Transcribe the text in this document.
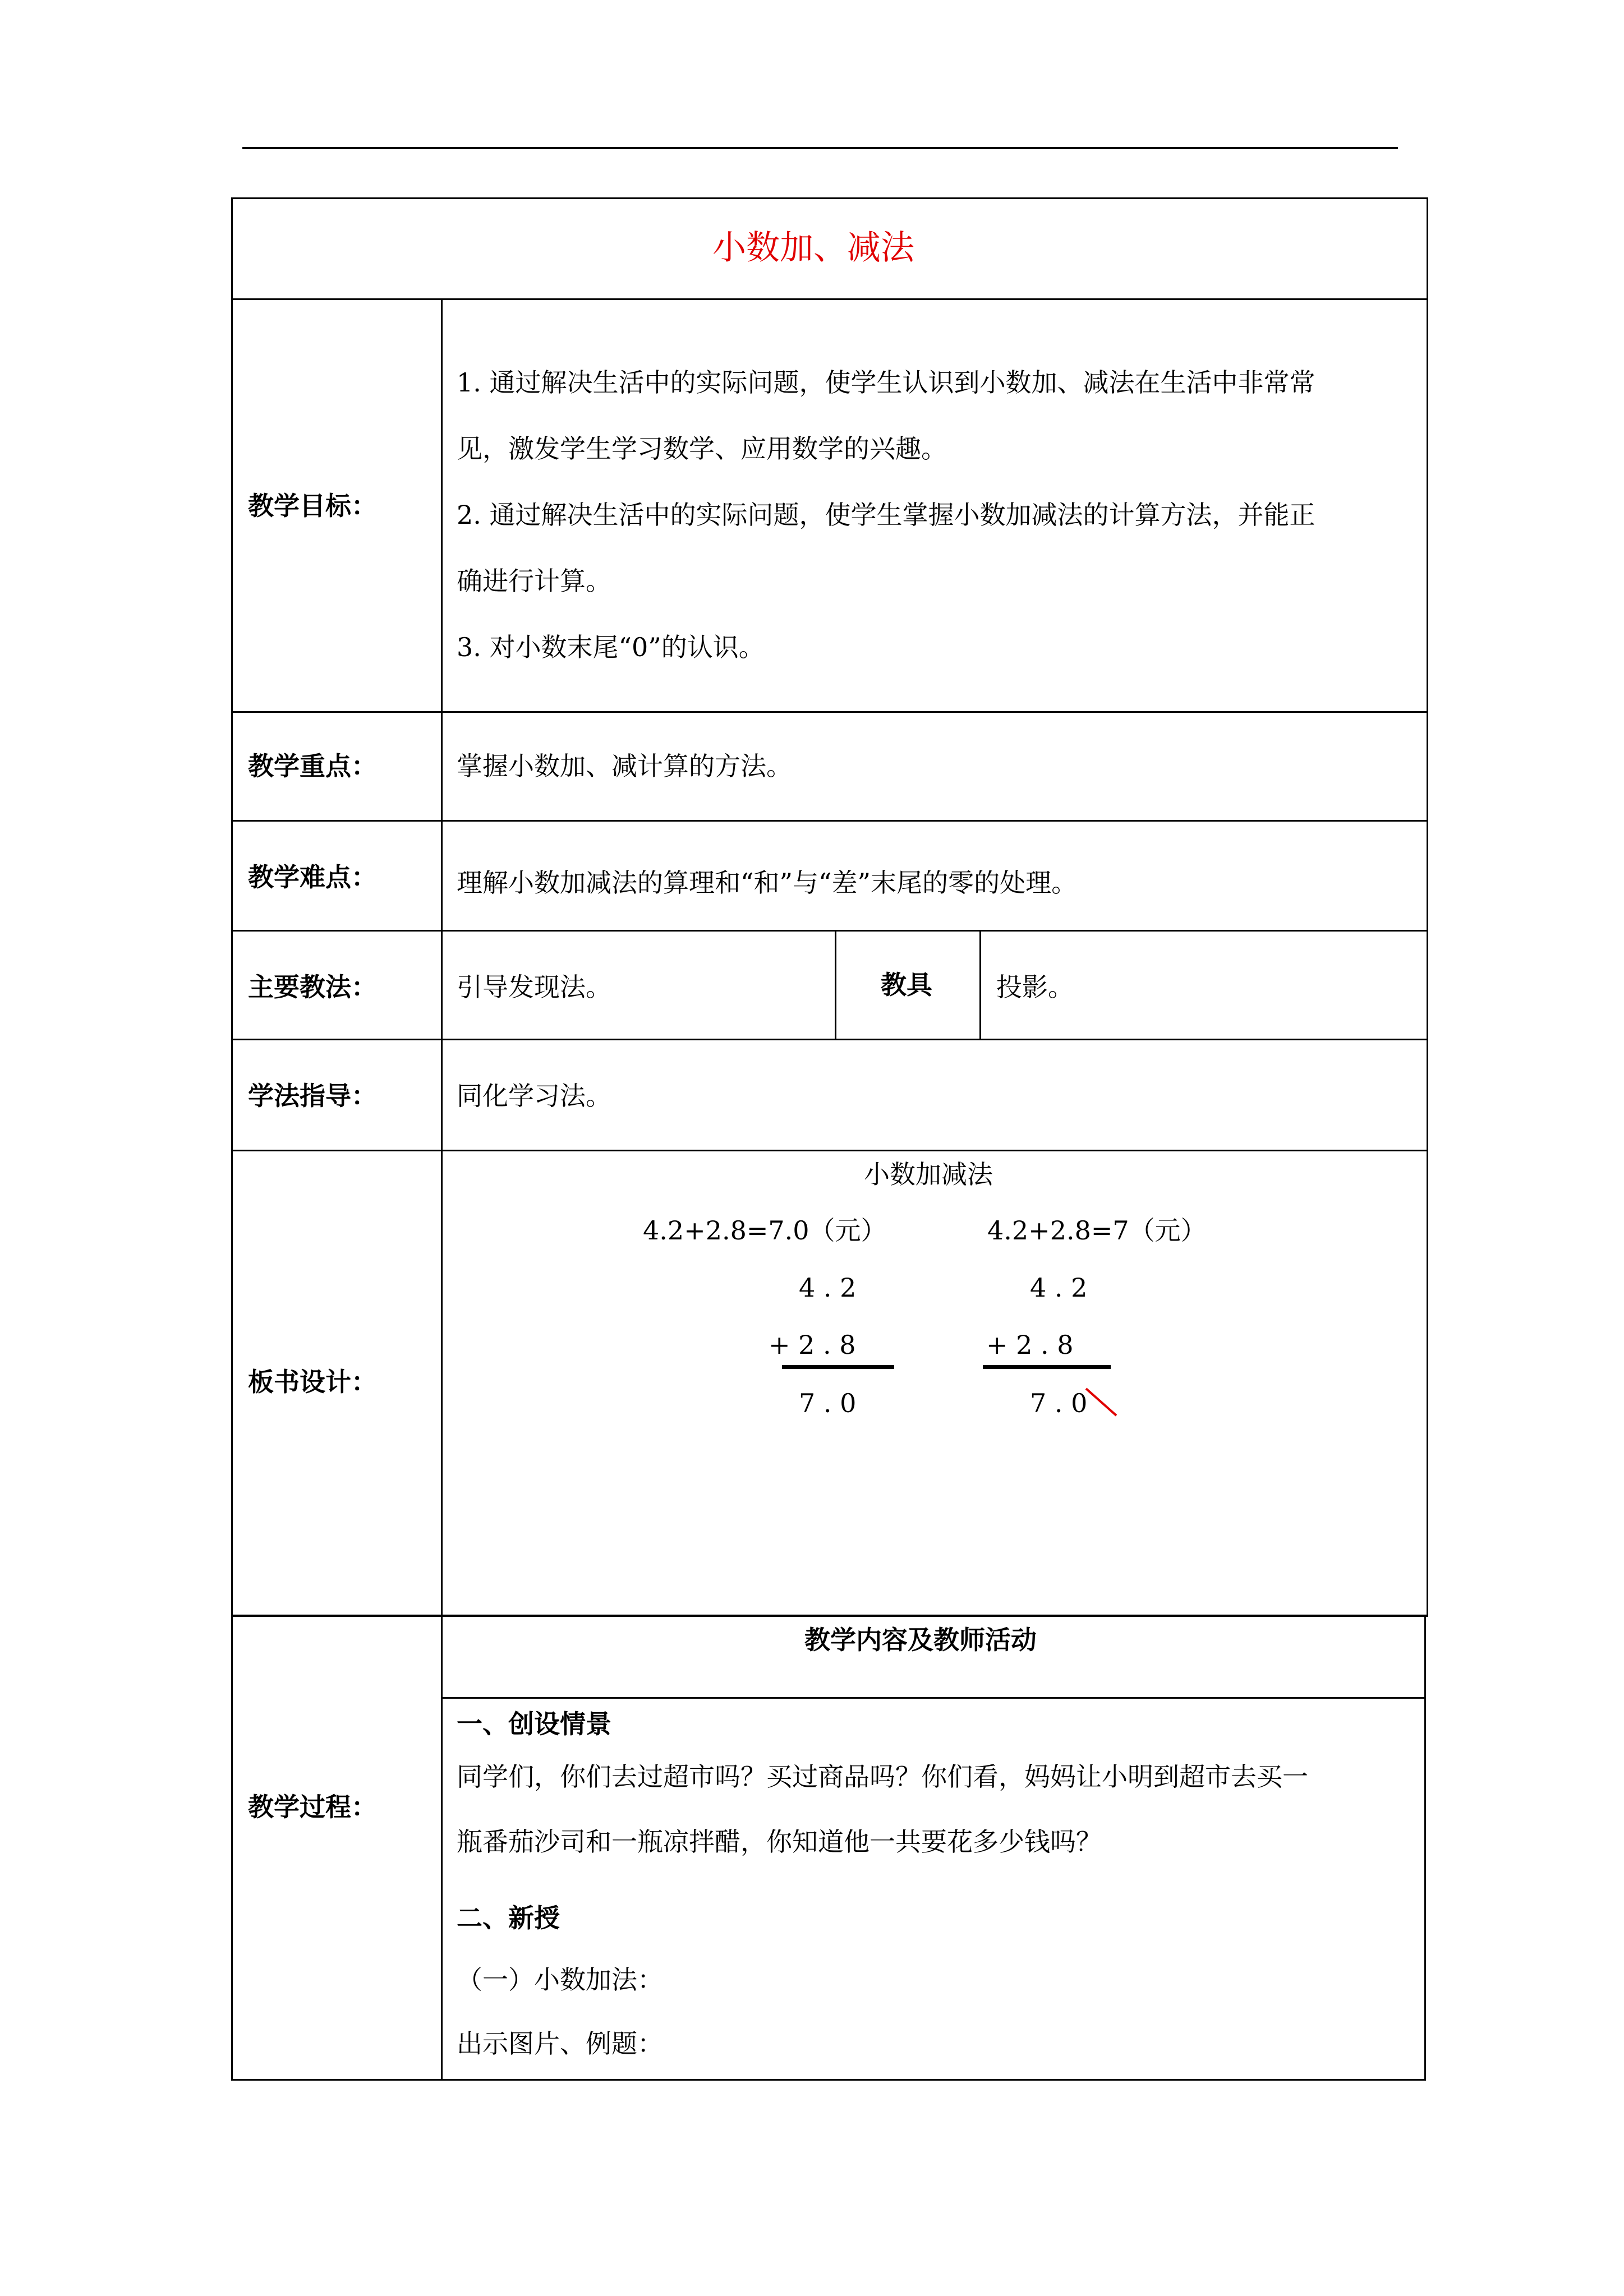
小数加、减法
教学目标：
1. 通过解决生活中的实际问题，使学生认识到小数加、减法在生活中非常常
见，激发学生学习数学、应用数学的兴趣。
2. 通过解决生活中的实际问题，使学生掌握小数加减法的计算方法，并能正
确进行计算。
3. 对小数末尾“0”的认识。
教学重点：	掌握小数加、减计算的方法。
教学难点：	理解小数加减法的算理和“和”与“差”末尾的零的处理。
主要教法：	引导发现法。	教具 投影。
学法指导：	同化学习法。
板书设计：
小数加减法
4.2+2.8=7.0（元）	4.2+2.8=7（元）
4 . 2
+ 2 . 8
7 . 0
4 . 2
+ 2 . 8
7 . 0
教学过程：
教学内容及教师活动
一、创设情景
同学们，你们去过超市吗？买过商品吗？你们看，妈妈让小明到超市去买一
瓶番茄沙司和一瓶凉拌醋，你知道他一共要花多少钱吗？
二、新授
（一）小数加法：
出示图片、例题：
